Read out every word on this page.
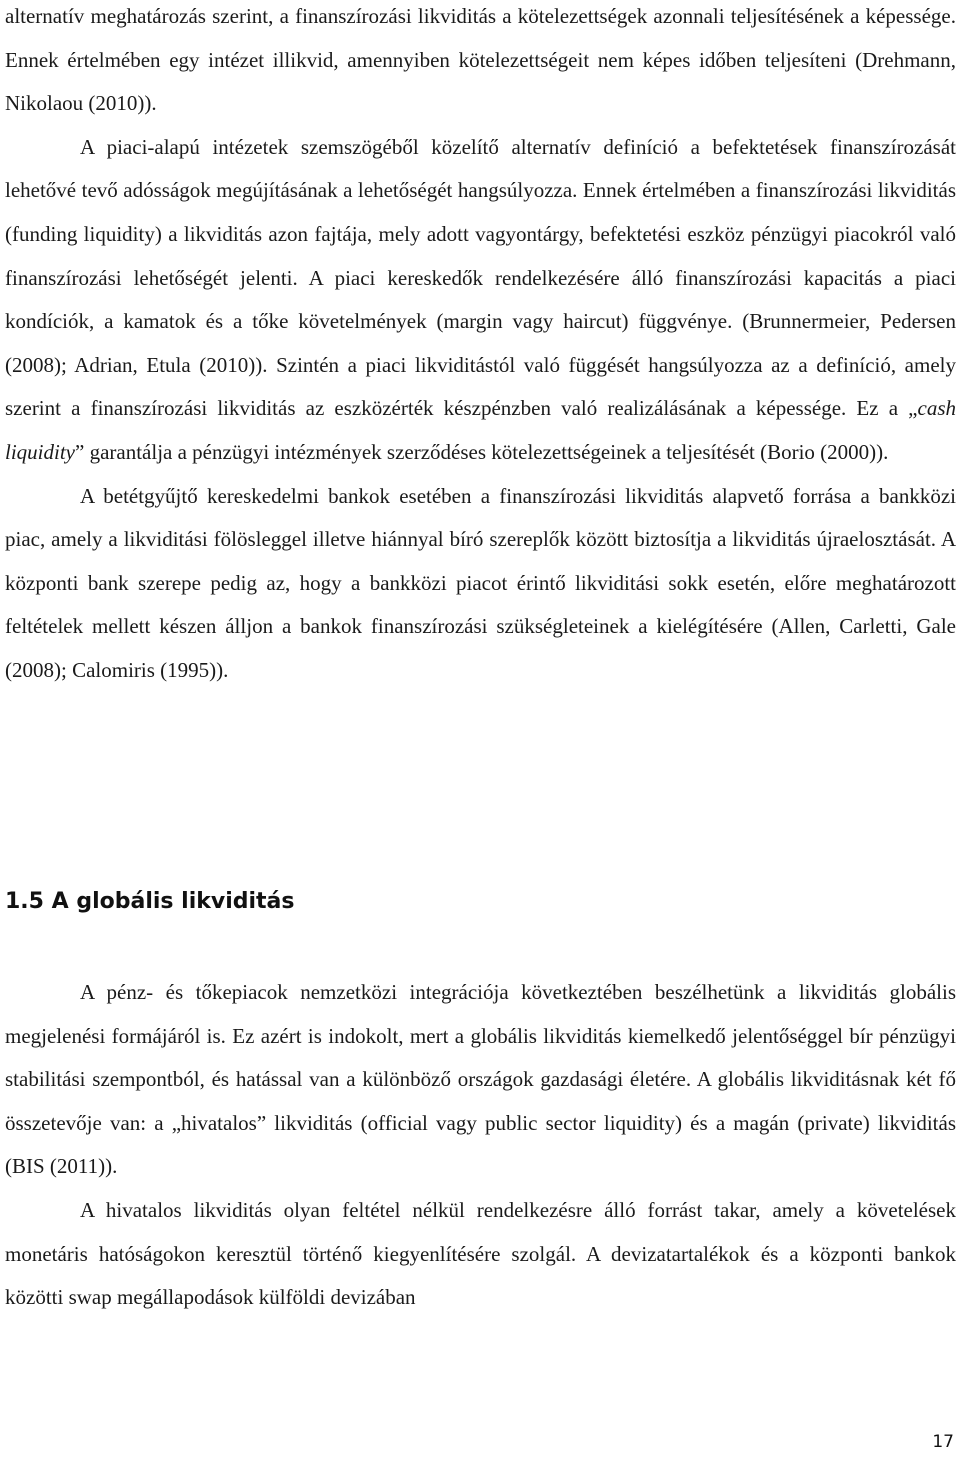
alternatív meghatározás szerint, a finanszírozási likviditás a kötelezettségek azonnali teljesítésének a képessége. Ennek értelmében egy intézet illikvid, amennyiben kötelezettségeit nem képes időben teljesíteni (Drehmann, Nikolaou (2010)).

A piaci-alapú intézetek szemszögéből közelítő alternatív definíció a befektetések finanszírozását lehetővé tevő adósságok megújításának a lehetőségét hangsúlyozza. Ennek értelmében a finanszírozási likviditás (funding liquidity) a likviditás azon fajtája, mely adott vagyontárgy, befektetési eszköz pénzügyi piacokról való finanszírozási lehetőségét jelenti. A piaci kereskedők rendelkezésére álló finanszírozási kapacitás a piaci kondíciók, a kamatok és a tőke követelmények (margin vagy haircut) függvénye. (Brunnermeier, Pedersen (2008); Adrian, Etula (2010)). Szintén a piaci likviditástól való függését hangsúlyozza az a definíció, amely szerint a finanszírozási likviditás az eszközérték készpénzben való realizálásának a képessége. Ez a „cash liquidity” garantálja a pénzügyi intézmények szerződéses kötelezettségeinek a teljesítését (Borio (2000)).

A betétgyűjtő kereskedelmi bankok esetében a finanszírozási likviditás alapvető forrása a bankközi piac, amely a likviditási fölösleggel illetve hiánnyal bíró szereplők között biztosítja a likviditás újraelosztását. A központi bank szerepe pedig az, hogy a bankközi piacot érintő likviditási sokk esetén, előre meghatározott feltételek mellett készen álljon a bankok finanszírozási szükségleteinek a kielégítésére (Allen, Carletti, Gale (2008); Calomiris (1995)).

1.5 A globális likviditás

A pénz- és tőkepiacok nemzetközi integrációja következtében beszélhetünk a likviditás globális megjelenési formájáról is. Ez azért is indokolt, mert a globális likviditás kiemelkedő jelentőséggel bír pénzügyi stabilitási szempontból, és hatással van a különböző országok gazdasági életére. A globális likviditásnak két fő összetevője van: a „hivatalos” likviditás (official vagy public sector liquidity) és a magán (private) likviditás (BIS (2011)).

A hivatalos likviditás olyan feltétel nélkül rendelkezésre álló forrást takar, amely a követelések monetáris hatóságokon keresztül történő kiegyenlítésére szolgál. A devizatartalékok és a központi bankok közötti swap megállapodások külföldi devizában

17
